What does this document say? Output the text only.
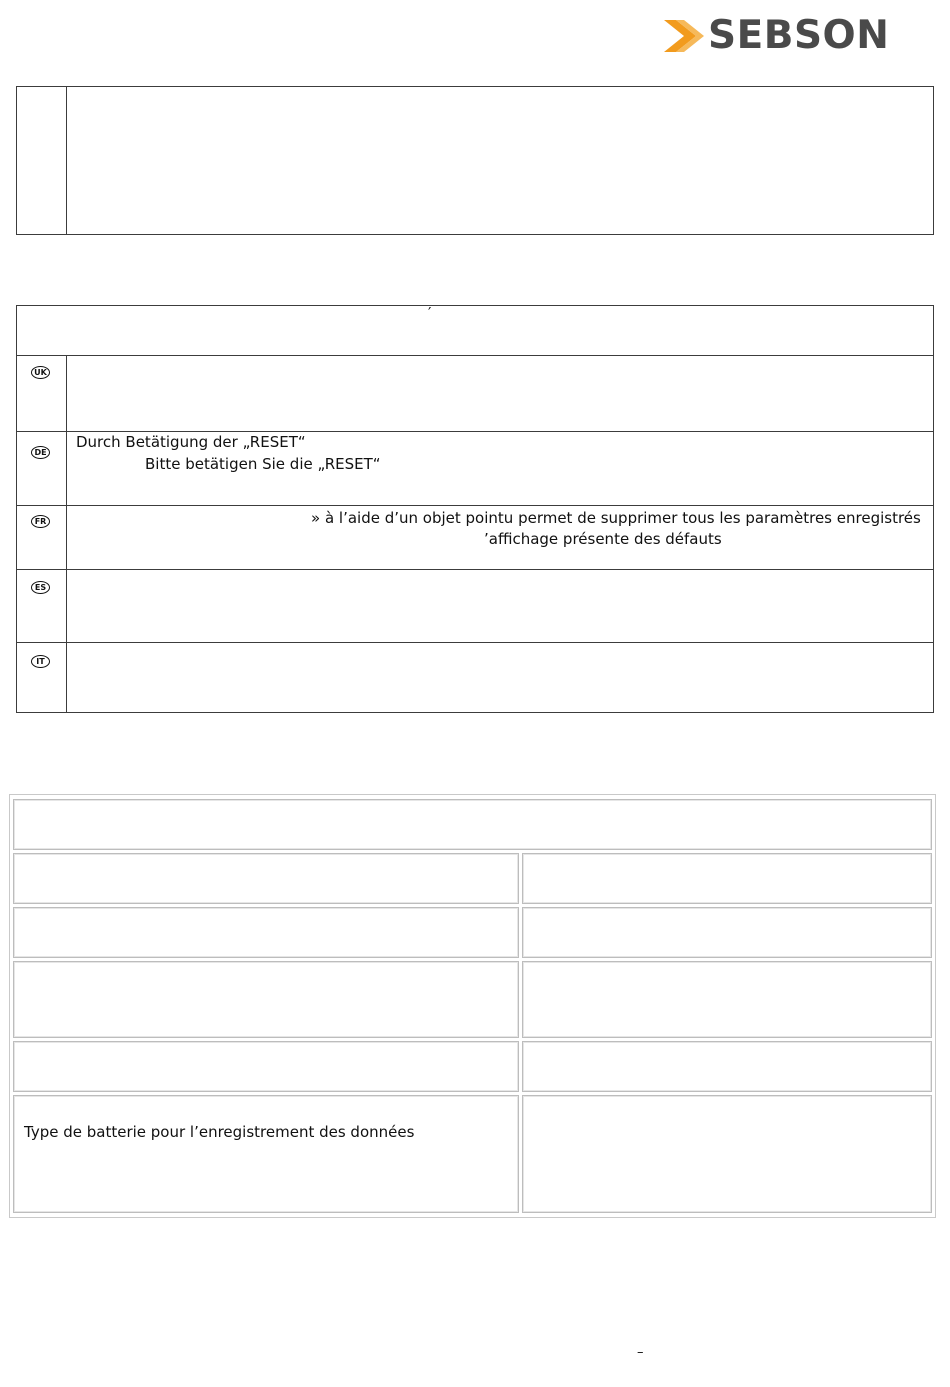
SEBSON
′
UK
DE
Durch Betätigung der „RESET“
Bitte betätigen Sie die „RESET“
FR	» à l’aide d’un objet pointu permet de supprimer tous les paramètres enregistrés
’affichage présente des défauts
ES
IT
Type de batterie pour l’enregistrement des données
–
